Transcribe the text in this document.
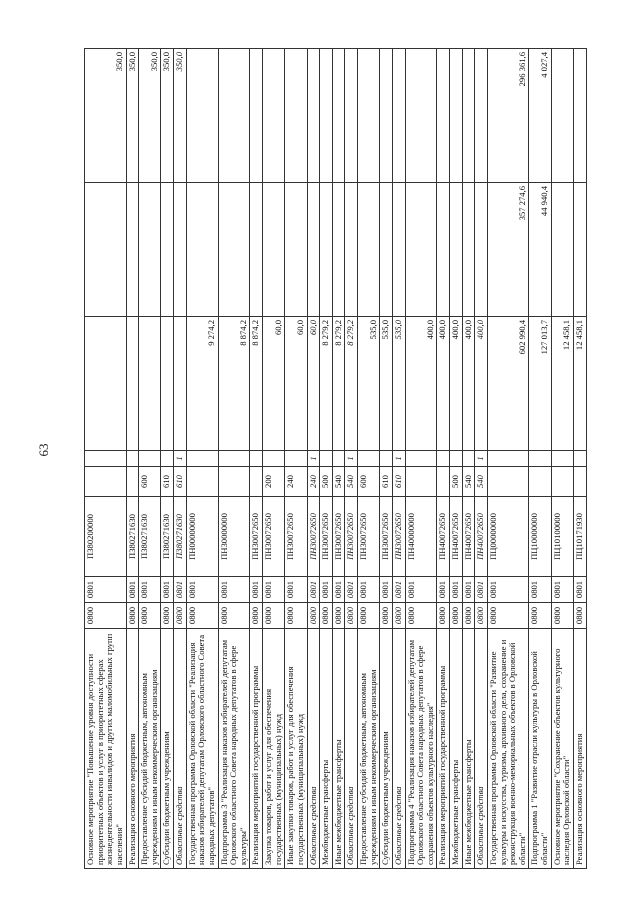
63
Основное мероприятие "Повышение уровня доступности приоритетных объектов и услуг в приоритетных сферах жизнедеятельности инвалидов и других маломобильных групп населения"	0800	0801	П380200000					350,0
Реализация основного мероприятия	0800	0801	П380271630					350,0
Предоставление субсидий бюджетным, автономным учреждениям и иным некоммерческим организациям	0800	0801	П380271630	600				350,0
Субсидии бюджетным учреждениям	0800	0801	П380271630	610				350,0
Областные средства	0800	0801	П380271630	610	1			350,0
Государственная программа Орловской области "Реализация наказов избирателей депутатам Орловского областного Совета народных депутатов"	0800	0801	ПН00000000			9 274,2		
Подпрограмма 3 "Реализация наказов избирателей депутатам Орловского областного Совета народных депутатов в сфере культуры"	0800	0801	ПН30000000			8 874,2		
Реализация мероприятий государственной программы	0800	0801	ПН30072650			8 874,2		
Закупка товаров, работ и услуг для обеспечения государственных (муниципальных) нужд	0800	0801	ПН30072650	200		60,0		
Иные закупки товаров, работ и услуг для обеспечения государственных (муниципальных) нужд	0800	0801	ПН30072650	240		60,0		
Областные средства	0800	0801	ПН30072650	240	1	60,0		
Межбюджетные трансферты	0800	0801	ПН30072650	500		8 279,2		
Иные межбюджетные трансферты	0800	0801	ПН30072650	540		8 279,2		
Областные средства	0800	0801	ПН30072650	540	1	8 279,2		
Предоставление субсидий бюджетным, автономным учреждениям и иным некоммерческим организациям	0800	0801	ПН30072650	600		535,0		
Субсидии бюджетным учреждениям	0800	0801	ПН30072650	610		535,0		
Областные средства	0800	0801	ПН30072650	610	1	535,0		
Подпрограмма 4 "Реализация наказов избирателей депутатам Орловского областного Совета народных депутатов в сфере сохранения объектов культурного наследия"	0800	0801	ПН40000000			400,0		
Реализация мероприятий государственной программы	0800	0801	ПН40072650			400,0		
Межбюджетные трансферты	0800	0801	ПН40072650	500		400,0		
Иные межбюджетные трансферты	0800	0801	ПН40072650	540		400,0		
Областные средства	0800	0801	ПН40072650	540	1	400,0		
Государственная программа Орловской области "Развитие культуры и искусства, туризма, архивного дела, сохранение и реконструкция военно-мемориальных объектов в Орловской области"	0800	0801	ПЦ00000000			602 990,4	357 274,6	296 361,6
Подпрограмма 1 "Развитие отрасли культуры в Орловской области"	0800	0801	ПЦ10000000			127 013,7	44 940,4	4 027,4
Основное мероприятие "Сохранение объектов культурного наследия Орловской области"	0800	0801	ПЦ10100000			12 458,1		
Реализация основного мероприятия	0800	0801	ПЦ10171930			12 458,1		
